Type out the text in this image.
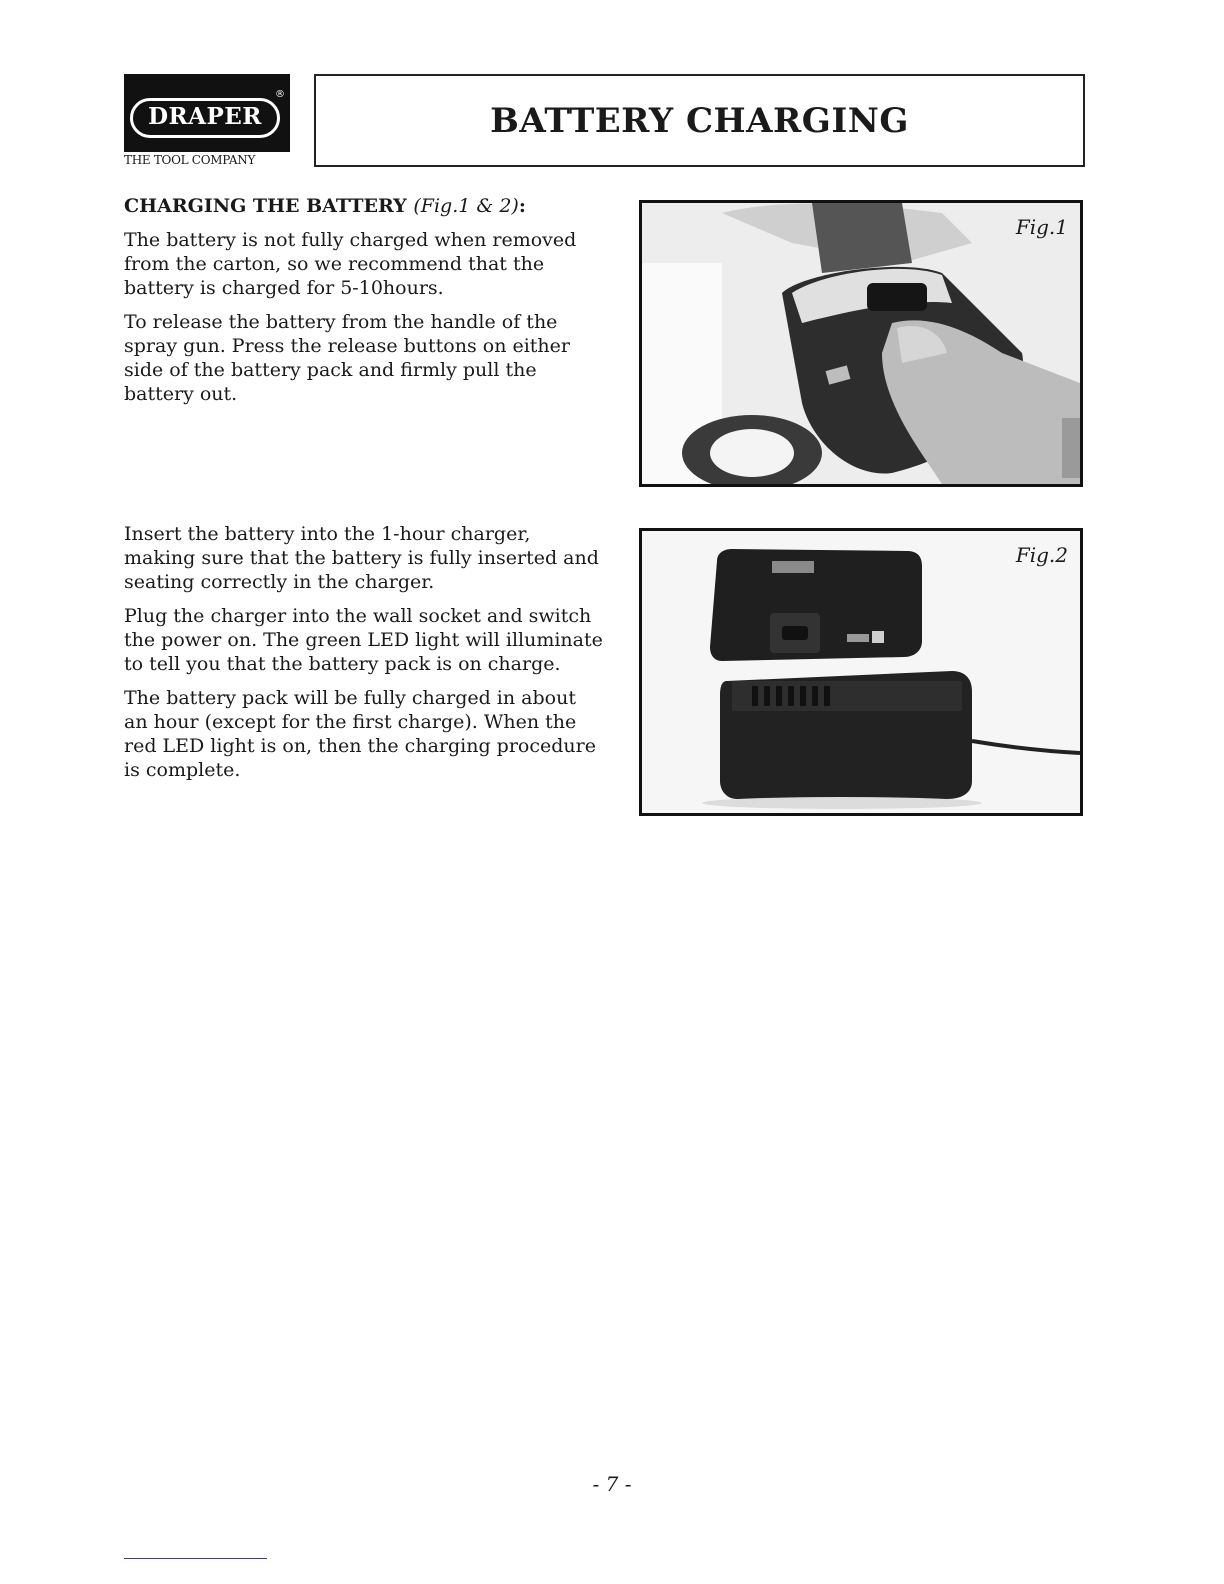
DRAPER
®
THE TOOL COMPANY
BATTERY CHARGING
CHARGING THE BATTERY (Fig.1 & 2):

The battery is not fully charged when removed from the carton, so we recommend that the battery is charged for 5-10hours.

To release the battery from the handle of the spray gun. Press the release buttons on either side of the battery pack and firmly pull the battery out.

Insert the battery into the 1-hour charger, making sure that the battery is fully inserted and seating correctly in the charger.

Plug the charger into the wall socket and switch the power on. The green LED light will illuminate to tell you that the battery pack is on charge.

The battery pack will be fully charged in about an hour (except for the first charge). When the red LED light is on, then the charging procedure is complete.

Fig.1
Fig.2
- 7 -
